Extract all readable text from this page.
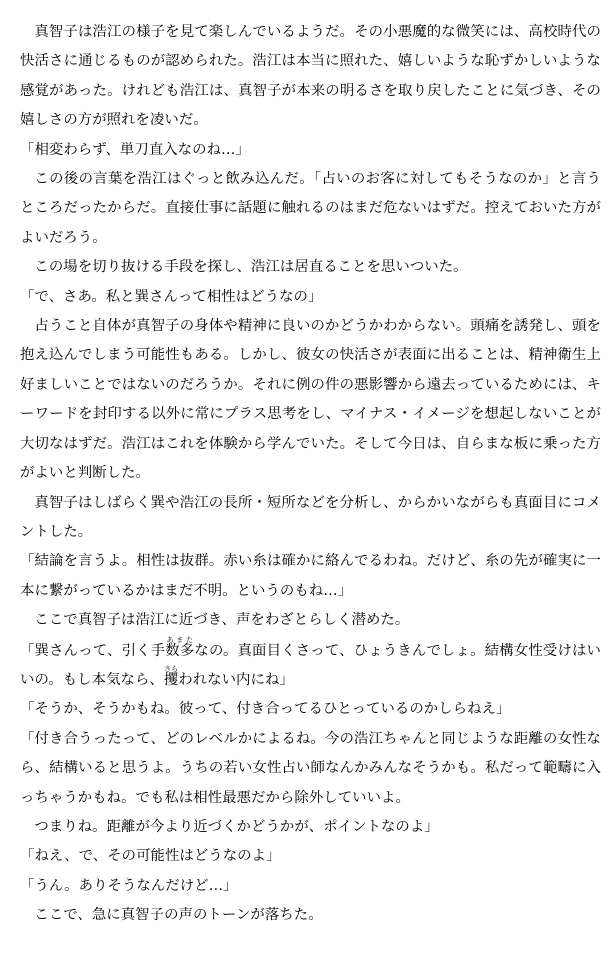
真智子は浩江の様子を見て楽しんでいるようだ。その小悪魔的な微笑には、高校時代の快活さに通じるものが認められた。浩江は本当に照れた、嬉しいような恥ずかしいような感覚があった。けれども浩江は、真智子が本来の明るさを取り戻したことに気づき、その嬉しさの方が照れを凌いだ。

「相変わらず、単刀直入なのね…」

この後の言葉を浩江はぐっと飲み込んだ。「占いのお客に対してもそうなのか」と言うところだったからだ。直接仕事に話題に触れるのはまだ危ないはずだ。控えておいた方がよいだろう。

この場を切り抜ける手段を探し、浩江は居直ることを思いついた。

「で、さあ。私と巽さんって相性はどうなの」

占うこと自体が真智子の身体や精神に良いのかどうかわからない。頭痛を誘発し、頭を抱え込んでしまう可能性もある。しかし、彼女の快活さが表面に出ることは、精神衛生上好ましいことではないのだろうか。それに例の件の悪影響から遠去っているためには、キーワードを封印する以外に常にプラス思考をし、マイナス・イメージを想起しないことが大切なはずだ。浩江はこれを体験から学んでいた。そして今日は、自らまな板に乗った方がよいと判断した。

真智子はしばらく巽や浩江の長所・短所などを分析し、からかいながらも真面目にコメントした。

「結論を言うよ。相性は抜群。赤い糸は確かに絡んでるわね。だけど、糸の先が確実に一本に繋がっているかはまだ不明。というのもね…」

ここで真智子は浩江に近づき、声をわざとらしく潜めた。

「巽さんって、引く手数多あまたなの。真面目くさって、ひょうきんでしょ。結構女性受けはいいの。もし本気なら、攫さらわれない内にね」

「そうか、そうかもね。彼って、付き合ってるひとっているのかしらねえ」

「付き合うったって、どのレベルかによるね。今の浩江ちゃんと同じような距離の女性なら、結構いると思うよ。うちの若い女性占い師なんかみんなそうかも。私だって範疇に入っちゃうかもね。でも私は相性最悪だから除外していいよ。

つまりね。距離が今より近づくかどうかが、ポイントなのよ」

「ねえ、で、その可能性はどうなのよ」

「うん。ありそうなんだけど…」

ここで、急に真智子の声のトーンが落ちた。
